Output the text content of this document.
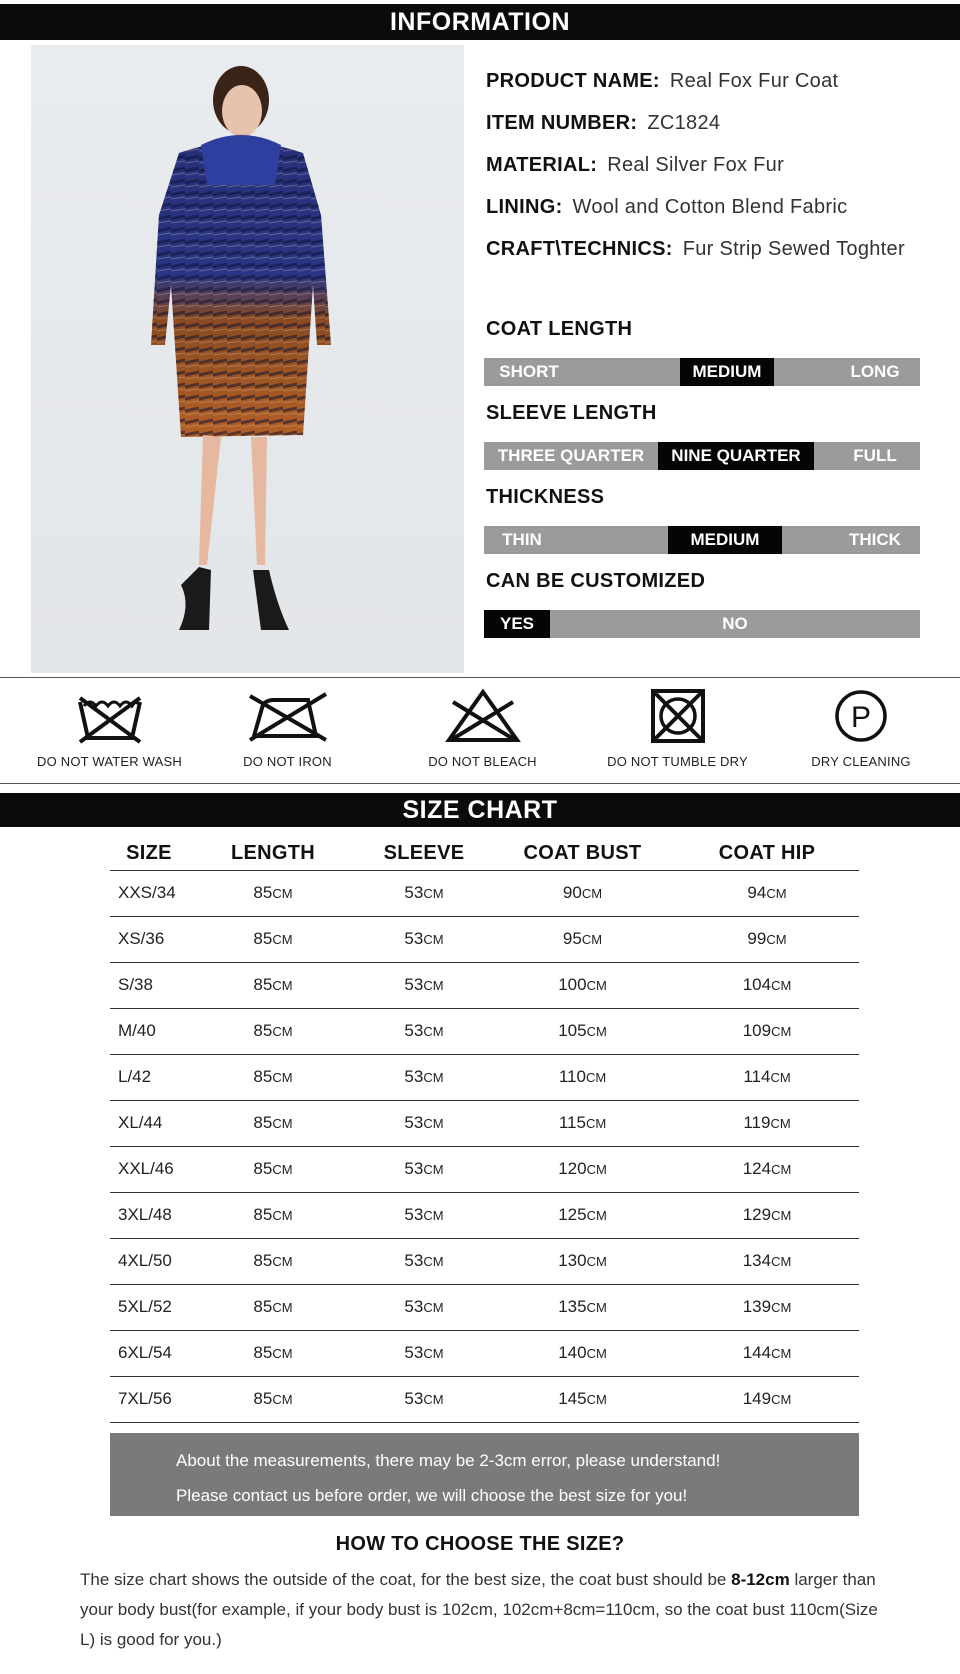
INFORMATION
PRODUCT NAME: Real Fox Fur Coat
ITEM NUMBER: ZC1824
MATERIAL: Real Silver Fox Fur
LINING: Wool and Cotton Blend Fabric
CRAFT\TECHNICS: Fur Strip Sewed Toghter
COAT LENGTH
SHORT	MEDIUM	LONG
SLEEVE LENGTH
THREE QUARTER	NINE QUARTER	FULL
THICKNESS
THIN	MEDIUM	THICK
CAN BE CUSTOMIZED
YES	NO
DO NOT WATER WASH	DO NOT IRON	DO NOT BLEACH	DO NOT TUMBLE DRY
P
DRY CLEANING
SIZE CHART
SIZE	LENGTH	SLEEVE	COAT BUST	COAT HIP
XXS/34	85CM	53CM	90CM	94CM
XS/36	85CM	53CM	95CM	99CM
S/38	85CM	53CM	100CM	104CM
M/40	85CM	53CM	105CM	109CM
L/42	85CM	53CM	110CM	114CM
XL/44	85CM	53CM	115CM	119CM
XXL/46	85CM	53CM	120CM	124CM
3XL/48	85CM	53CM	125CM	129CM
4XL/50	85CM	53CM	130CM	134CM
5XL/52	85CM	53CM	135CM	139CM
6XL/54	85CM	53CM	140CM	144CM
7XL/56	85CM	53CM	145CM	149CM
About the measurements, there may be 2-3cm error, please understand!
Please contact us before order, we will choose the best size for you!
HOW TO CHOOSE THE SIZE?
The size chart shows the outside of the coat, for the best size, the coat bust should be 8-12cm larger than your body bust(for example, if your body bust is 102cm, 102cm+8cm=110cm, so the coat bust 110cm(Size L) is good for you.)
